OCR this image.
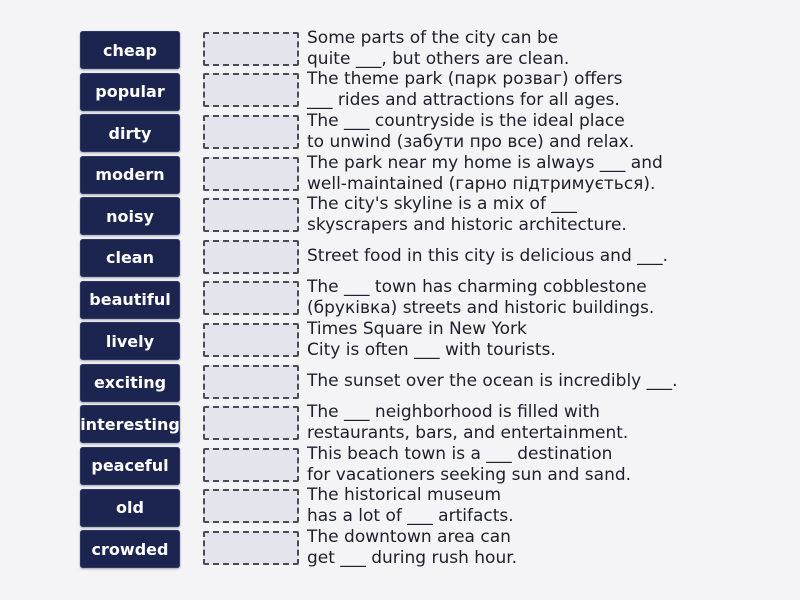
cheap
popular
dirty
modern
noisy
clean
beautiful
lively
exciting
interesting
peaceful
old
crowded
Some parts of the city can be
quite ___, but others are clean.
The theme park (парк розваг) offers
___ rides and attractions for all ages.
The ___ countryside is the ideal place
to unwind (забути про все) and relax.
The park near my home is always ___ and
well-maintained (гарно підтримується).
The city's skyline is a mix of ___
skyscrapers and historic architecture.
Street food in this city is delicious and ___.
The ___ town has charming cobblestone
(бруківка) streets and historic buildings.
Times Square in New York
City is often ___ with tourists.
The sunset over the ocean is incredibly ___.
The ___ neighborhood is filled with
restaurants, bars, and entertainment.
This beach town is a ___ destination
for vacationers seeking sun and sand.
The historical museum
has a lot of ___ artifacts.
The downtown area can
get ___ during rush hour.
